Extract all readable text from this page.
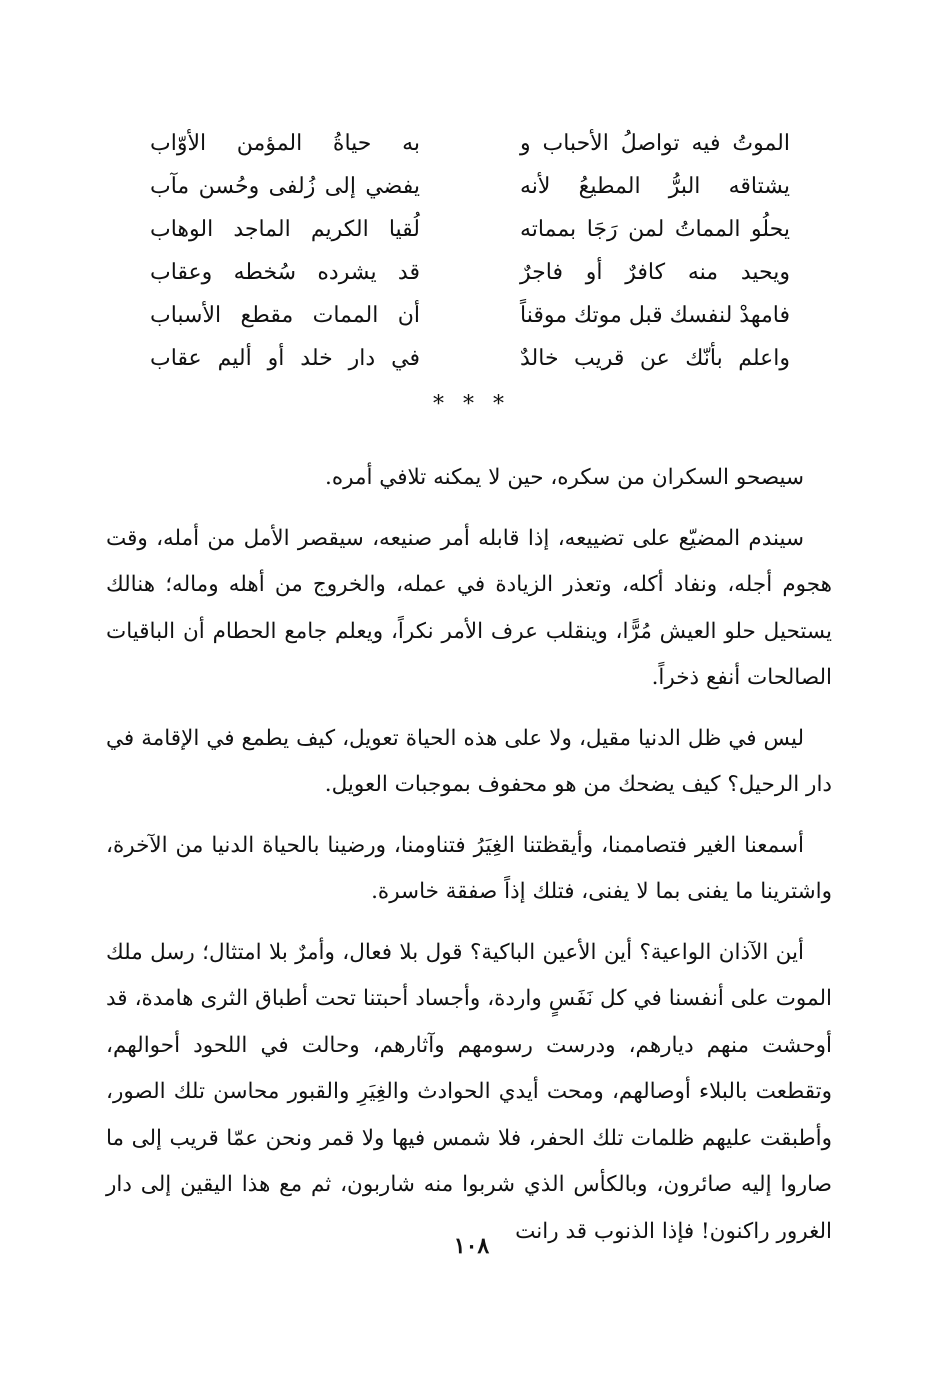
الموتُ فيه تواصلُ الأحباب و
به حياةُ المؤمن الأوّاب
يشتاقه البرُّ المطيعُ لأنه
يفضي إلى زُلفى وحُسن مآب
يحلُو المماتُ لمن رَجَا بمماته
لُقيا الكريم الماجد الوهاب
ويحيد منه كافرٌ أو فاجرٌ
قد يشرده سُخطه وعقاب
فامهدْ لنفسك قبل موتك موقناً
أن الممات مقطع الأسباب
واعلم بأنّك عن قريب خالدٌ
في دار خلد أو أليم عقاب
* * *

سيصحو السكران من سكره، حين لا يمكنه تلافي أمره.

سيندم المضيّع على تضييعه، إذا قابله أمر صنيعه، سيقصر الأمل من أمله، وقت هجوم أجله، ونفاد أكله، وتعذر الزيادة في عمله، والخروج من أهله وماله؛ هنالك يستحيل حلو العيش مُرًّا، وينقلب عرف الأمر نكراً، ويعلم جامع الحطام أن الباقيات الصالحات أنفع ذخراً.

ليس في ظل الدنيا مقيل، ولا على هذه الحياة تعويل، كيف يطمع في الإقامة في دار الرحيل؟ كيف يضحك من هو محفوف بموجبات العويل.

أسمعنا الغير فتصاممنا، وأيقظتنا الغِيَرُ فتناومنا، ورضينا بالحياة الدنيا من الآخرة، واشترينا ما يفنى بما لا يفنى، فتلك إذاً صفقة خاسرة.

أين الآذان الواعية؟ أين الأعين الباكية؟ قول بلا فعال، وأمرٌ بلا امتثال؛ رسل ملك الموت على أنفسنا في كل نَفَسٍ واردة، وأجساد أحبتنا تحت أطباق الثرى هامدة، قد أوحشت منهم ديارهم، ودرست رسومهم وآثارهم، وحالت في اللحود أحوالهم، وتقطعت بالبلاء أوصالهم، ومحت أيدي الحوادث والغِيَرِ والقبور محاسن تلك الصور، وأطبقت عليهم ظلمات تلك الحفر، فلا شمس فيها ولا قمر ونحن عمّا قريب إلى ما صاروا إليه صائرون، وبالكأس الذي شربوا منه شاربون، ثم مع هذا اليقين إلى دار الغرور راكنون! فإذا الذنوب قد رانت

١٠٨
